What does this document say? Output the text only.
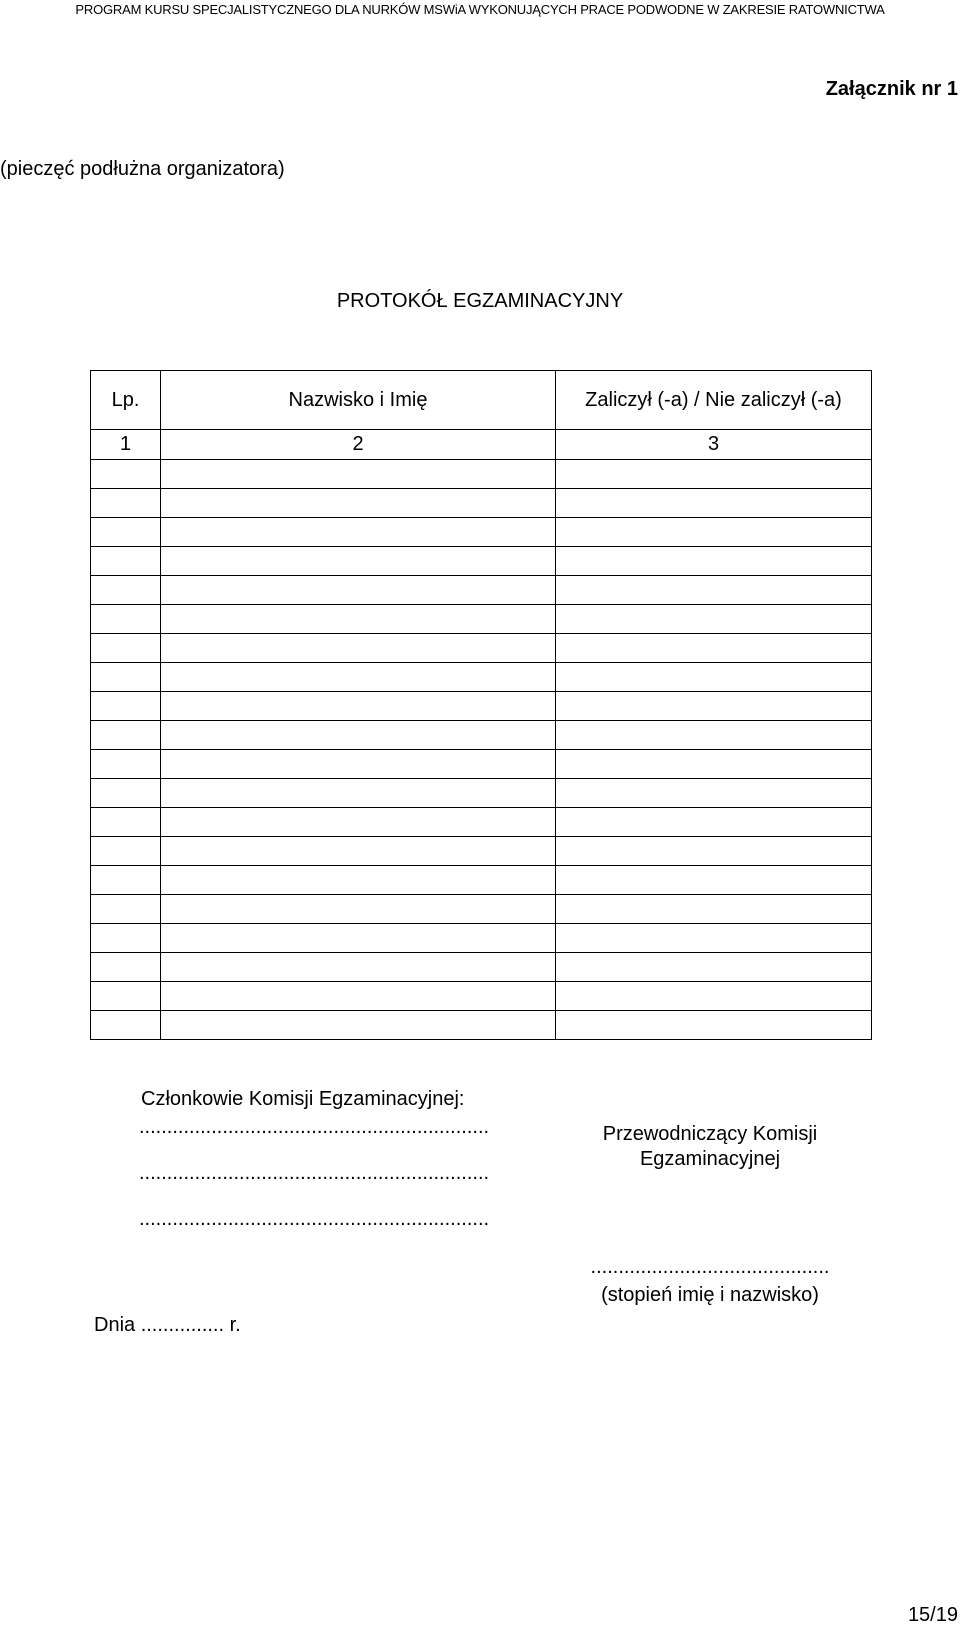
PROGRAM KURSU SPECJALISTYCZNEGO DLA NURKÓW MSWiA WYKONUJĄCYCH PRACE PODWODNE W ZAKRESIE RATOWNICTWA
Załącznik nr 1
(pieczęć podłużna organizatora)
PROTOKÓŁ EGZAMINACYJNY
Lp.	Nazwisko i Imię	Zaliczył (-a) / Nie zaliczył (-a)
1	2	3

Członkowie Komisji Egzaminacyjnej:
...............................................................
...............................................................
...............................................................
Przewodniczący Komisji
Egzaminacyjnej
...........................................
(stopień imię i nazwisko)
Dnia ............... r.
15/19
